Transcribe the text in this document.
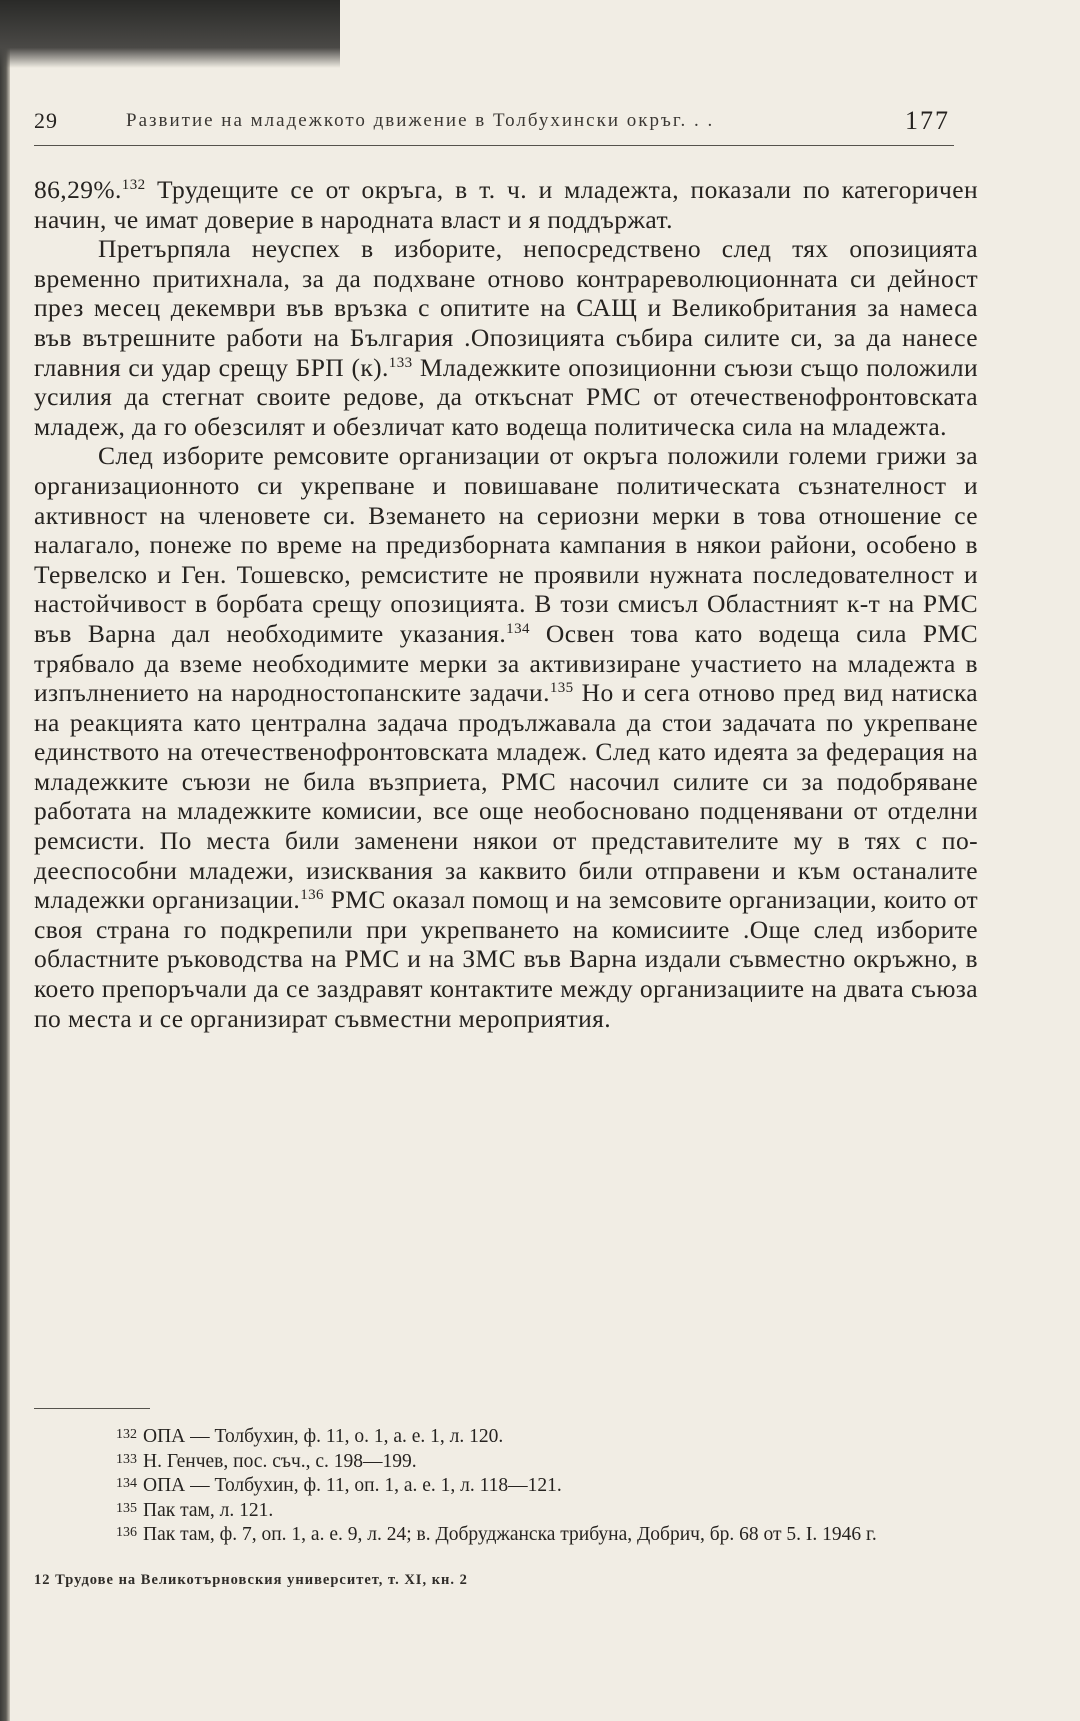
29	Развитие на младежкото движение в Толбухински окръг. . .	177

86,29%.$^{132}$ Трудещите се от окръга, в т. ч. и младежта, показали по категоричен начин, че имат доверие в народната власт и я поддържат.

Претърпяла неуспех в изборите, непосредствено след тях опозицията временно притихнала, за да подхване отново контрареволюционната си дейност през месец декември във връзка с опитите на САЩ и Великобритания за намеса във вътрешните работи на България .Опозицията събира силите си, за да нанесе главния си удар срещу БРП (к).$^{133}$ Младежките опозиционни съюзи също положили усилия да стегнат своите редове, да откъснат РМС от отечественофронтовската младеж, да го обезсилят и обезличат като водеща политическа сила на младежта.

След изборите ремсовите организации от окръга положили големи грижи за организационното си укрепване и повишаване политическата съзнателност и активност на членовете си. Вземането на сериозни мерки в това отношение се налагало, понеже по време на предизборната кампания в някои райони, особено в Тервелско и Ген. Тошевско, ремсистите не проявили нужната последователност и настойчивост в борбата срещу опозицията. В този смисъл Областният к-т на РМС във Варна дал необходимите указания.$^{134}$ Освен това като водеща сила РМС трябвало да вземе необходимите мерки за активизиране участието на младежта в изпълнението на народностопанските задачи.$^{135}$ Но и сега отново пред вид натиска на реакцията като централна задача продължавала да стои задачата по укрепване единството на отечественофронтовската младеж. След като идеята за федерация на младежките съюзи не била възприета, РМС насочил силите си за подобряване работата на младежките комисии, все още необосновано подценявани от отделни ремсисти. По места били заменени някои от представителите му в тях с по-дееспособни младежи, изисквания за каквито били отправени и към останалите младежки организации.$^{136}$ РМС оказал помощ и на земсовите организации, които от своя страна го подкрепили при укрепването на комисиите .Още след изборите областните ръководства на РМС и на ЗМС във Варна издали съвместно окръжно, в което препоръчали да се заздравят контактите между организациите на двата съюза по места и се организират съвместни мероприятия.

$^{132}$ ОПА — Толбухин, ф. 11, о. 1, а. е. 1, л. 120.
$^{133}$ Н. Генчев, пос. съч., с. 198—199.
$^{134}$ ОПА — Толбухин, ф. 11, оп. 1, а. е. 1, л. 118—121.
$^{135}$ Пак там, л. 121.
$^{136}$ Пак там, ф. 7, оп. 1, а. е. 9, л. 24; в. Добруджанска трибуна, Добрич, бр. 68 от 5. I. 1946 г.
12 Трудове на Великотърновския университет, т. XI, кн. 2
